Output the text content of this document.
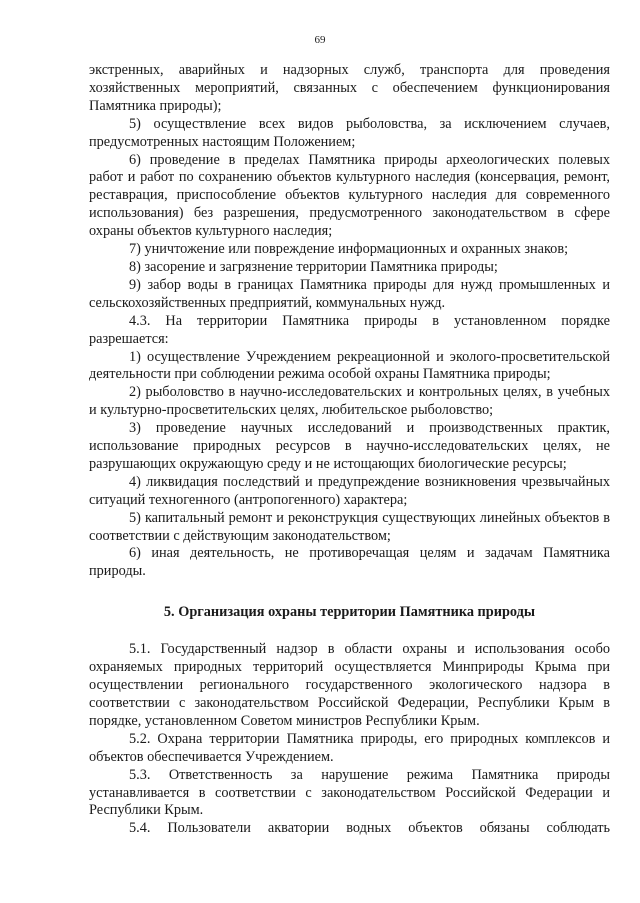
69

экстренных, аварийных и надзорных служб, транспорта для проведения хозяйственных мероприятий, связанных с обеспечением функционирования Памятника природы);

5) осуществление всех видов рыболовства, за исключением случаев, предусмотренных настоящим Положением;

6) проведение в пределах Памятника природы археологических полевых работ и работ по сохранению объектов культурного наследия (консервация, ремонт, реставрация, приспособление объектов культурного наследия для современного использования) без разрешения, предусмотренного законодательством в сфере охраны объектов культурного наследия;

7) уничтожение или повреждение информационных и охранных знаков;

8) засорение и загрязнение территории Памятника природы;

9) забор воды в границах Памятника природы для нужд промышленных и сельскохозяйственных предприятий, коммунальных нужд.

4.3. На территории Памятника природы в установленном порядке разрешается:

1) осуществление Учреждением рекреационной и эколого-просветительской деятельности при соблюдении режима особой охраны Памятника природы;

2) рыболовство в научно-исследовательских и контрольных целях, в учебных и культурно-просветительских целях, любительское рыболовство;

3) проведение научных исследований и производственных практик, использование природных ресурсов в научно-исследовательских целях, не разрушающих окружающую среду и не истощающих биологические ресурсы;

4) ликвидация последствий и предупреждение возникновения чрезвычайных ситуаций техногенного (антропогенного) характера;

5) капитальный ремонт и реконструкция существующих линейных объектов в соответствии с действующим законодательством;

6) иная деятельность, не противоречащая целям и задачам Памятника природы.

5. Организация охраны территории Памятника природы

5.1. Государственный надзор в области охраны и использования особо охраняемых природных территорий осуществляется Минприроды Крыма при осуществлении регионального государственного экологического надзора в соответствии с законодательством Российской Федерации, Республики Крым в порядке, установленном Советом министров Республики Крым.

5.2. Охрана территории Памятника природы, его природных комплексов и объектов обеспечивается Учреждением.

5.3. Ответственность за нарушение режима Памятника природы устанавливается в соответствии с законодательством Российской Федерации и Республики Крым.

5.4. Пользователи акватории водных объектов обязаны соблюдать
